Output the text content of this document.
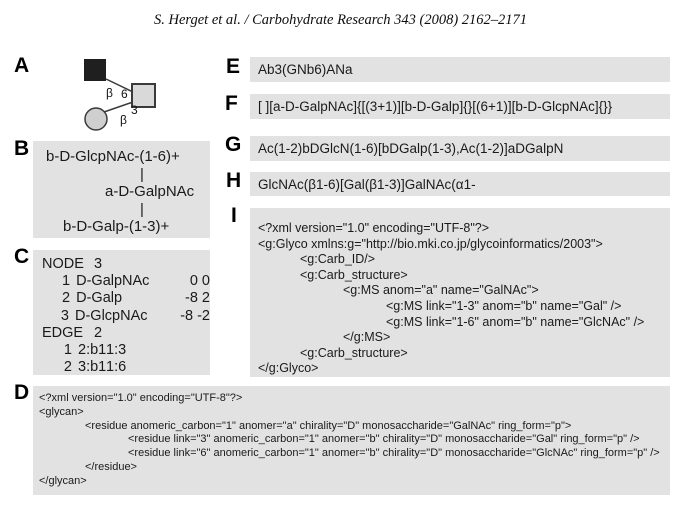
S. Herget et al. / Carbohydrate Research 343 (2008) 2162–2171
A
B
C
D
E
F
G
H
I
β 6
β
3
b-D-GlcpNAc-(1-6)+
|
a-D-GalpNAc
|
b-D-Galp-(1-3)+
NODE 3
1 D-GalpNAc	0 0
2 D-Galp	-8 2
3 D-GlcpNAc	-8 -2
EDGE 2
1 2:b1 1:3
2 3:b1 1:6
<?xml version="1.0" encoding="UTF-8"?>
<glycan>
<residue anomeric_carbon="1" anomer="a" chirality="D" monosaccharide="GalNAc" ring_form="p">
<residue link="3" anomeric_carbon="1" anomer="b" chirality="D" monosaccharide="Gal" ring_form="p" />
<residue link="6" anomeric_carbon="1" anomer="b" chirality="D" monosaccharide="GlcNAc" ring_form="p" />
</residue>
</glycan>
Ab3(GNb6)ANa
[ ][a-D-GalpNAc]{[(3+1)][b-D-Galp]{}[(6+1)][b-D-GlcpNAc]{}}
Ac(1-2)bDGlcN(1-6)[bDGalp(1-3),Ac(1-2)]aDGalpN
GlcNAc(β1-6)[Gal(β1-3)]GalNAc(α1-
<?xml version="1.0" encoding="UTF-8"?>
<g:Glyco xmlns:g="http://bio.mki.co.jp/glycoinformatics/2003">
<g:Carb_ID/>
<g:Carb_structure>
<g:MS anom="a" name="GalNAc">
<g:MS link="1-3" anom="b" name="Gal" />
<g:MS link="1-6" anom="b" name="GlcNAc" />
</g:MS>
<g:Carb_structure>
</g:Glyco>
